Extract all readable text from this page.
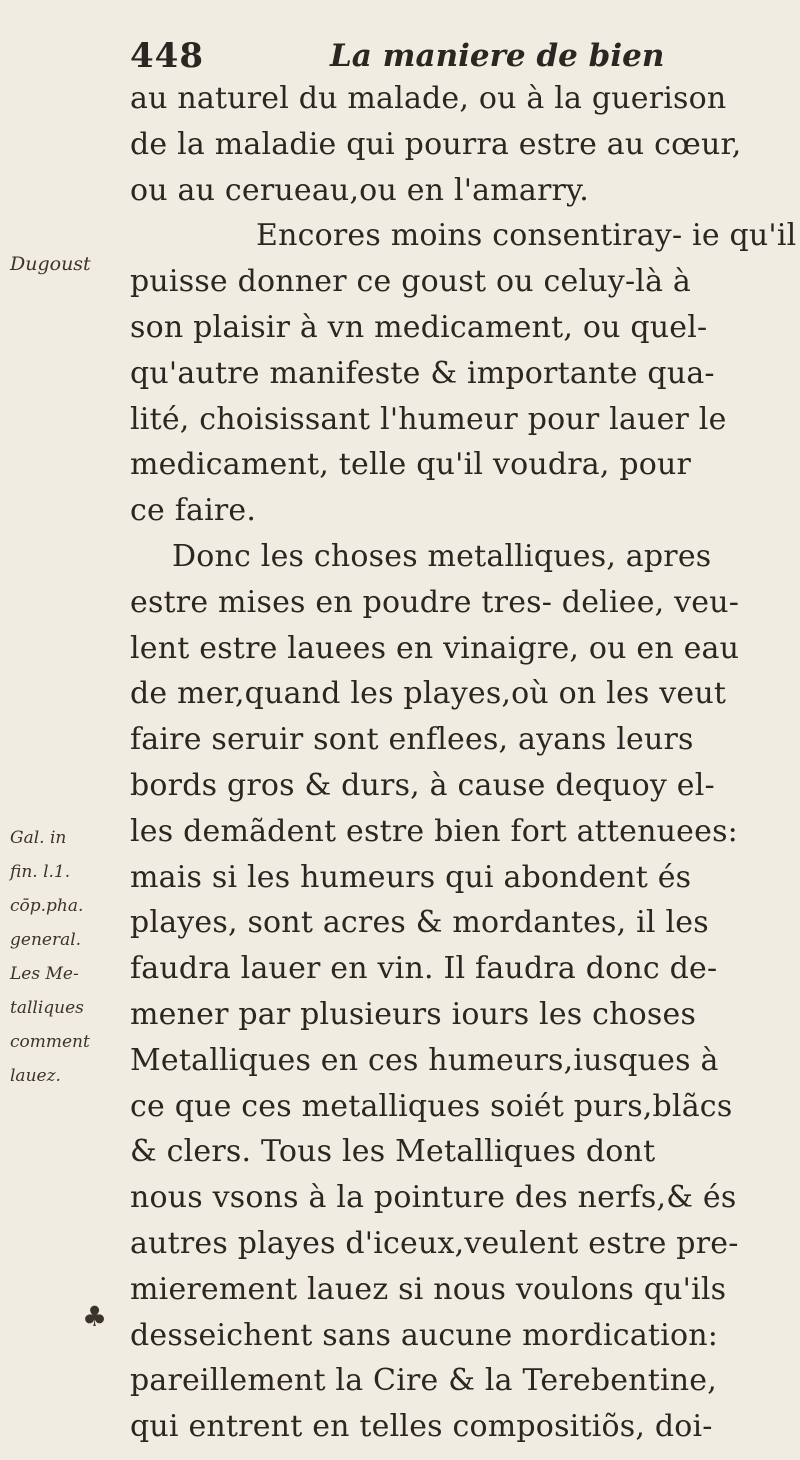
448	La maniere de bien
Dugoust
Gal. in
fin. l.1.
cōp.pha.
general.
Les Me-
talliques
comment
lauez.
♣
au naturel du malade, ou à la guerison
de la maladie qui pourra estre au cœur,
ou au cerueau,ou en l'amarry.
Encores moins consentiray- ie qu'il
puisse donner ce goust ou celuy-là à
son plaisir à vn medicament, ou quel-
qu'autre manifeste & importante qua-
lité, choisissant l'humeur pour lauer le
medicament, telle qu'il voudra, pour
ce faire.
Donc les choses metalliques, apres
estre mises en poudre tres- deliee, veu-
lent estre lauees en vinaigre, ou en eau
de mer,quand les playes,où on les veut
faire seruir sont enflees, ayans leurs
bords gros & durs, à cause dequoy el-
les demãdent estre bien fort attenuees:
mais si les humeurs qui abondent és
playes, sont acres & mordantes, il les
faudra lauer en vin. Il faudra donc de-
mener par plusieurs iours les choses
Metalliques en ces humeurs,iusques à
ce que ces metalliques soiét purs,blãcs
& clers. Tous les Metalliques dont
nous vsons à la pointure des nerfs,& és
autres playes d'iceux,veulent estre pre-
mierement lauez si nous voulons qu'ils
desseichent sans aucune mordication:
pareillement la Cire & la Terebentine,
qui entrent en telles compositiõs, doi-
